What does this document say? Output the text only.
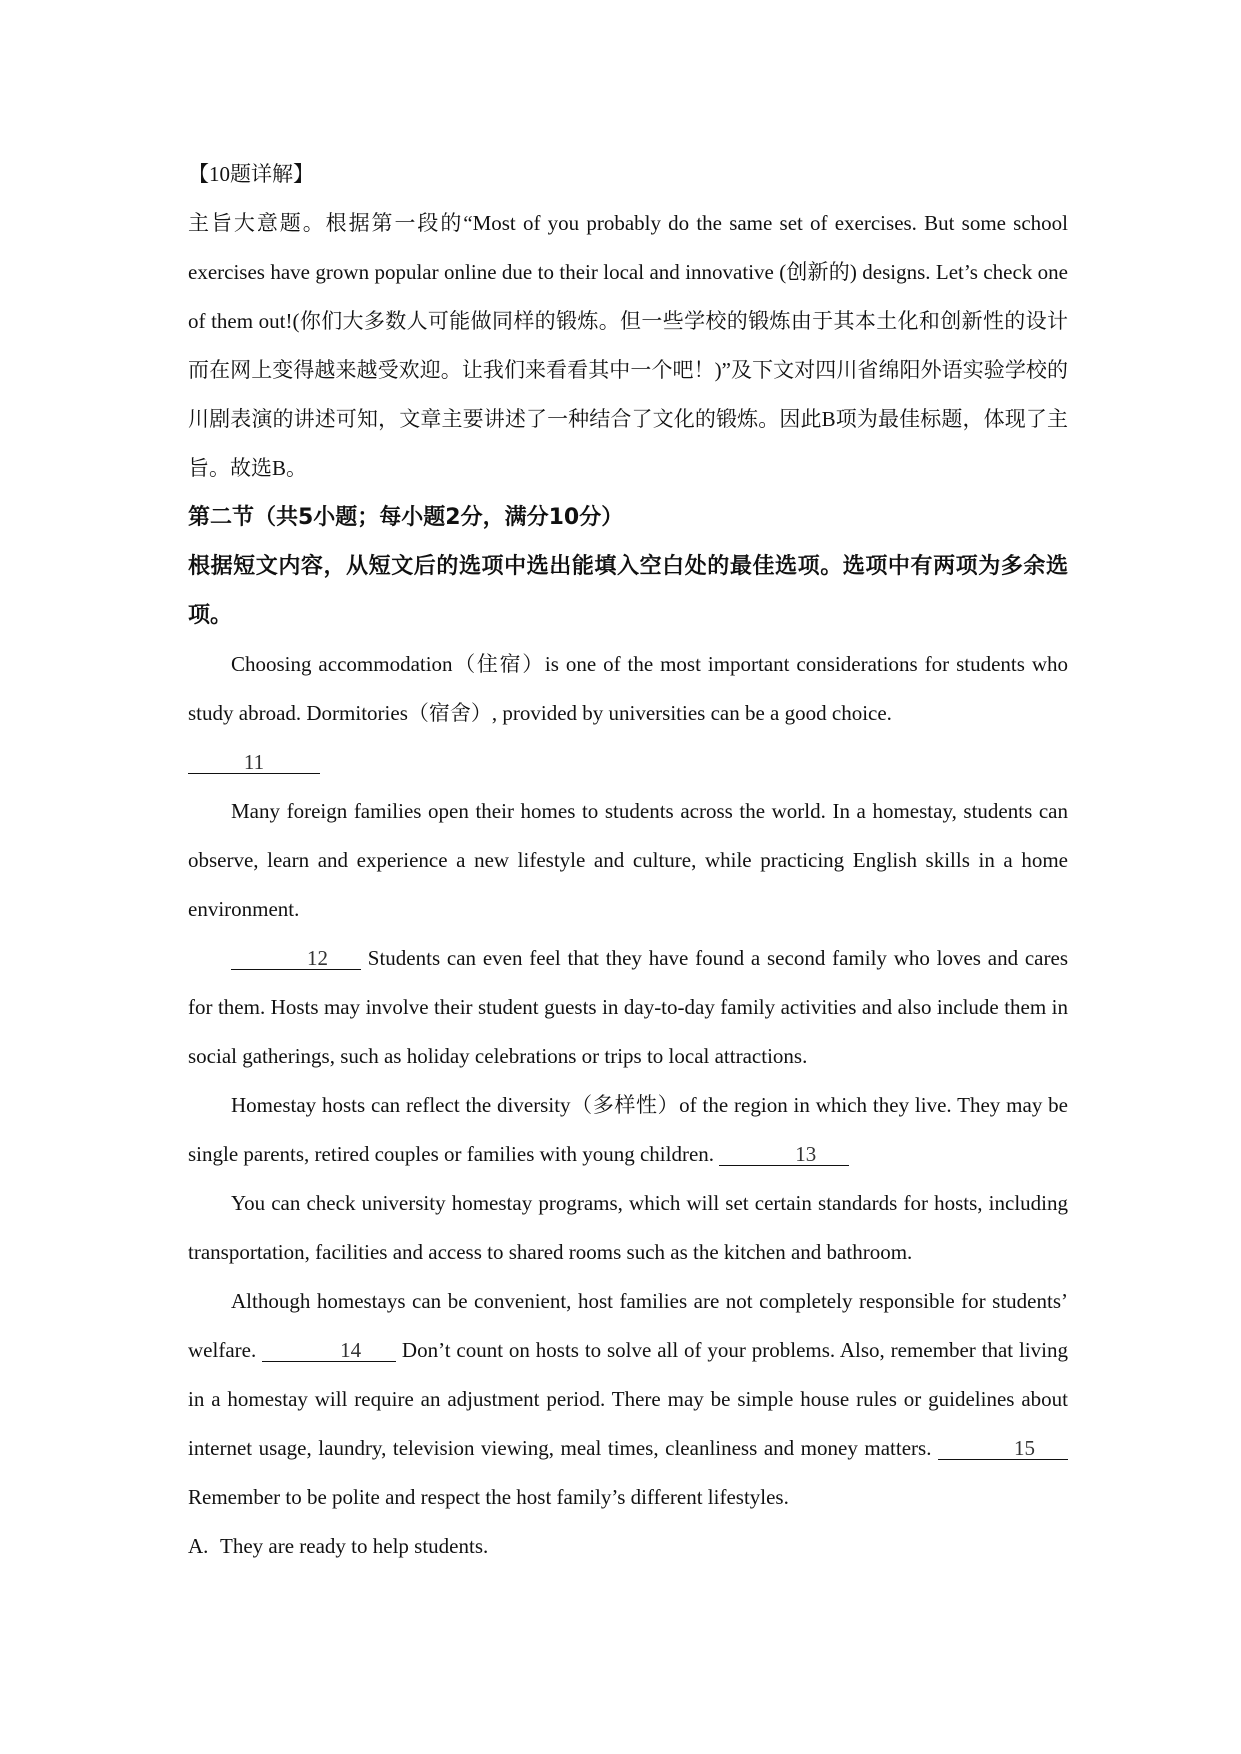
【10题详解】

主旨大意题。根据第一段的“Most of you probably do the same set of exercises. But some school exercises have grown popular online due to their local and innovative (创新的) designs. Let’s check one of them out!(你们大多数人可能做同样的锻炼。但一些学校的锻炼由于其本土化和创新性的设计而在网上变得越来越受欢迎。让我们来看看其中一个吧！)”及下文对四川省绵阳外语实验学校的川剧表演的讲述可知，文章主要讲述了一种结合了文化的锻炼。因此B项为最佳标题，体现了主旨。故选B。

第二节（共5小题；每小题2分，满分10分）

根据短文内容，从短文后的选项中选出能填入空白处的最佳选项。选项中有两项为多余选项。

Choosing accommodation（住宿）is one of the most important considerations for students who study abroad. Dormitories（宿舍）, provided by universities can be a good choice.

11

Many foreign families open their homes to students across the world. In a homestay, students can observe, learn and experience a new lifestyle and culture, while practicing English skills in a home environment.

12 Students can even feel that they have found a second family who loves and cares for them. Hosts may involve their student guests in day-to-day family activities and also include them in social gatherings, such as holiday celebrations or trips to local attractions.

Homestay hosts can reflect the diversity（多样性）of the region in which they live. They may be single parents, retired couples or families with young children.	13

You can check university homestay programs, which will set certain standards for hosts, including transportation, facilities and access to shared rooms such as the kitchen and bathroom.

Although homestays can be convenient, host families are not completely responsible for students’ welfare.	14 Don’t count on hosts to solve all of your problems. Also, remember that living in a homestay will require an adjustment period. There may be simple house rules or guidelines about internet usage, laundry, television viewing, meal times, cleanliness and money matters.	15Remember to be polite and respect the host family’s different lifestyles.

A. They are ready to help students.
